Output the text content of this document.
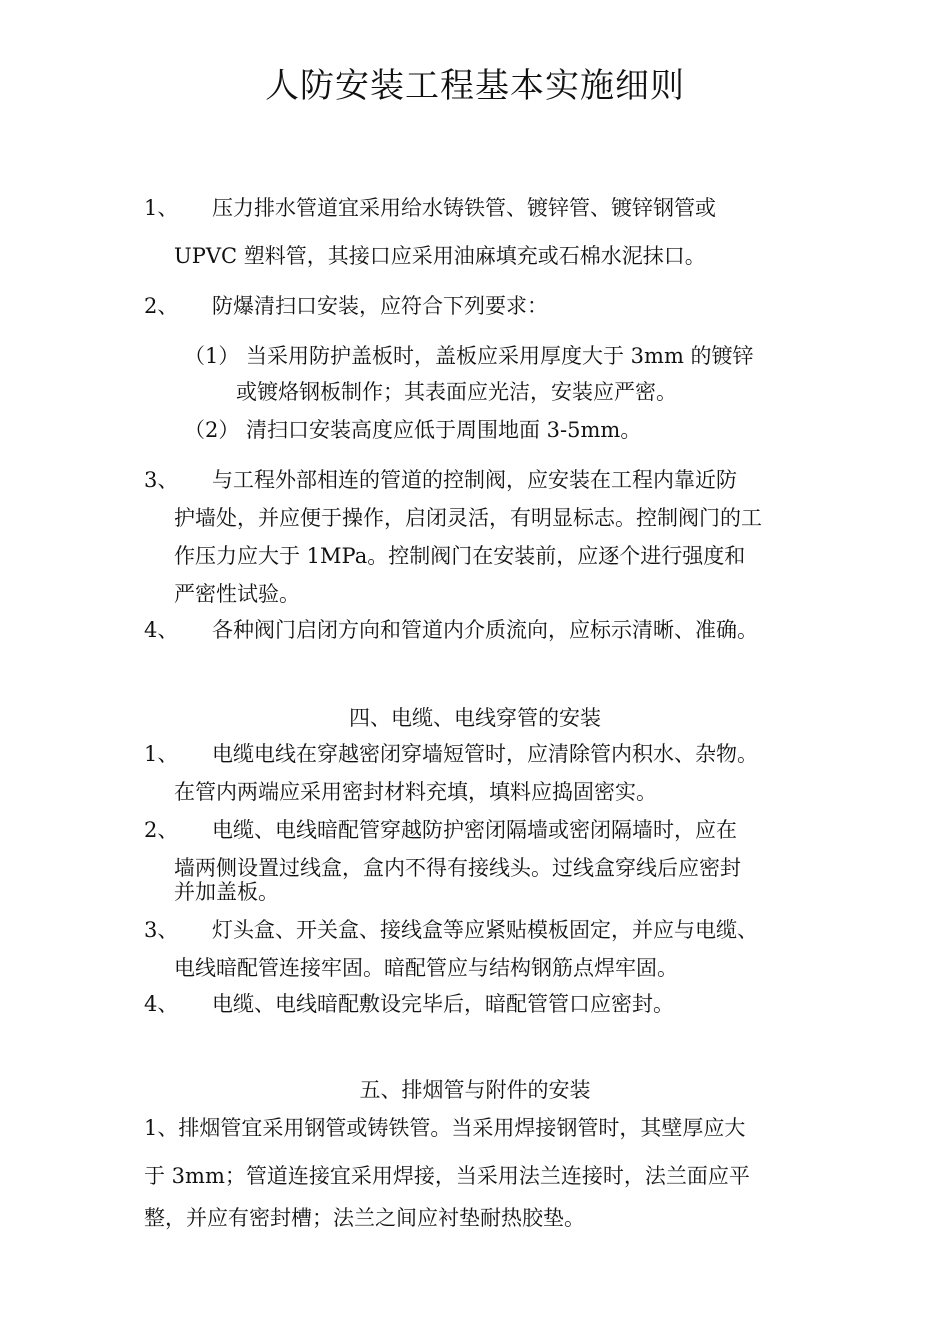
人防安装工程基本实施细则
1、 压力排水管道宜采用给水铸铁管、镀锌管、镀锌钢管或
UPVC 塑料管，其接口应采用油麻填充或石棉水泥抹口。
2、 防爆清扫口安装，应符合下列要求：
（1） 当采用防护盖板时，盖板应采用厚度大于 3mm 的镀锌
或镀烙钢板制作；其表面应光洁，安装应严密。
（2） 清扫口安装高度应低于周围地面 3-5mm。
3、 与工程外部相连的管道的控制阀，应安装在工程内靠近防
护墙处，并应便于操作，启闭灵活，有明显标志。控制阀门的工
作压力应大于 1MPa。控制阀门在安装前，应逐个进行强度和
严密性试验。
4、 各种阀门启闭方向和管道内介质流向，应标示清晰、准确。
四、电缆、电线穿管的安装
1、 电缆电线在穿越密闭穿墙短管时，应清除管内积水、杂物。
在管内两端应采用密封材料充填，填料应捣固密实。
2、 电缆、电线暗配管穿越防护密闭隔墙或密闭隔墙时，应在
墙两侧设置过线盒，盒内不得有接线头。过线盒穿线后应密封
并加盖板。
3、 灯头盒、开关盒、接线盒等应紧贴模板固定，并应与电缆、
电线暗配管连接牢固。暗配管应与结构钢筋点焊牢固。
4、 电缆、电线暗配敷设完毕后，暗配管管口应密封。
五、排烟管与附件的安装
1、排烟管宜采用钢管或铸铁管。当采用焊接钢管时，其壁厚应大
于 3mm；管道连接宜采用焊接，当采用法兰连接时，法兰面应平
整，并应有密封槽；法兰之间应衬垫耐热胶垫。
